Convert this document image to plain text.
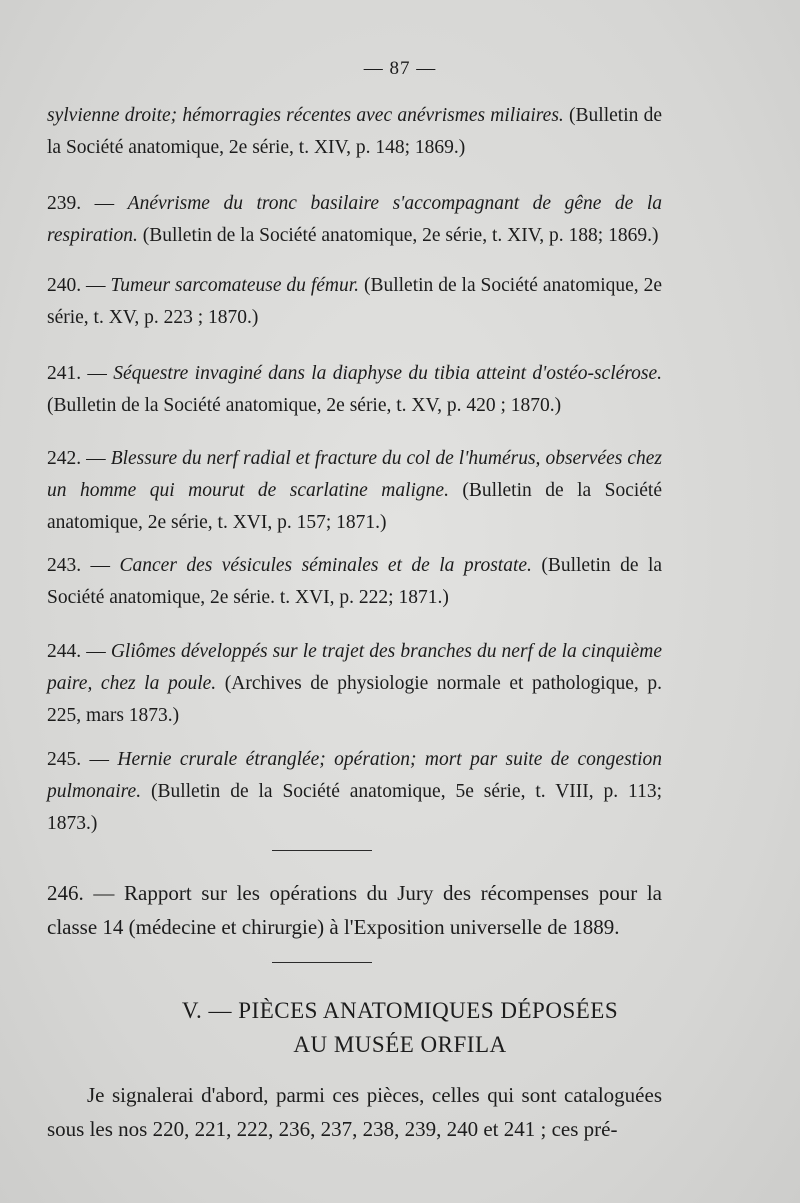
— 87 —
sylvienne droite; hémorragies récentes avec anévrismes miliaires. (Bulletin de la Société anatomique, 2e série, t. XIV, p. 148; 1869.)
239. — Anévrisme du tronc basilaire s'accompagnant de gêne de la respiration. (Bulletin de la Société anatomique, 2e série, t. XIV, p. 188; 1869.)
240. — Tumeur sarcomateuse du fémur. (Bulletin de la Société anatomique, 2e série, t. XV, p. 223 ; 1870.)
241. — Séquestre invaginé dans la diaphyse du tibia atteint d'ostéo-sclérose. (Bulletin de la Société anatomique, 2e série, t. XV, p. 420 ; 1870.)
242. — Blessure du nerf radial et fracture du col de l'humérus, observées chez un homme qui mourut de scarlatine maligne. (Bulletin de la Société anatomique, 2e série, t. XVI, p. 157; 1871.)
243. — Cancer des vésicules séminales et de la prostate. (Bulletin de la Société anatomique, 2e série. t. XVI, p. 222; 1871.)
244. — Gliômes développés sur le trajet des branches du nerf de la cinquième paire, chez la poule. (Archives de physiologie normale et pathologique, p. 225, mars 1873.)
245. — Hernie crurale étranglée; opération; mort par suite de congestion pulmonaire. (Bulletin de la Société anatomique, 5e série, t. VIII, p. 113; 1873.)
246. — Rapport sur les opérations du Jury des récompenses pour la classe 14 (médecine et chirurgie) à l'Exposition universelle de 1889.
V. — PIÈCES ANATOMIQUES DÉPOSÉES
AU MUSÉE ORFILA
Je signalerai d'abord, parmi ces pièces, celles qui sont cataloguées sous les nos 220, 221, 222, 236, 237, 238, 239, 240 et 241 ; ces pré-
